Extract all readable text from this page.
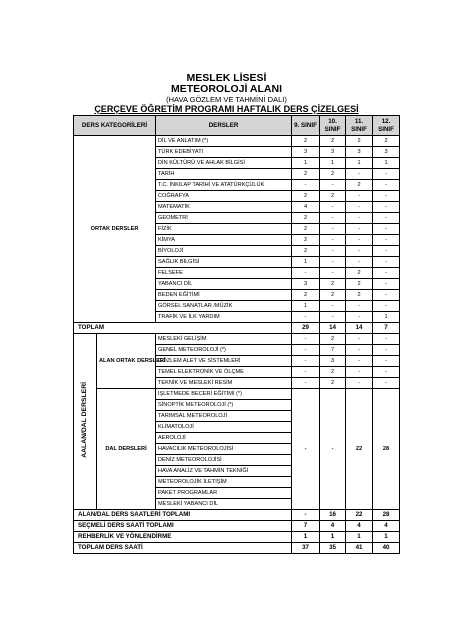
MESLEK LİSESİ
METEOROLOJİ ALANI
(HAVA GÖZLEM VE TAHMİNİ DALI)
ÇERÇEVE ÖĞRETİM PROGRAMI HAFTALIK DERS ÇİZELGESİ
DERS KATEGORİLERİ		DERSLER	9. SINIF	10. SINIF	11. SINIF	12. SINIF
ORTAK DERSLER		DİL VE ANLATIM (*)	2	2	2	2
		TÜRK EDEBİYATI	3	3	3	3
		DİN KÜLTÜRÜ VE AHLAK BİLGİSİ	1	1	1	1
		TARİH	2	2	-	-
		T.C. İNKILAP TARİHİ VE ATATÜRKÇÜLÜK	-	-	2	-
		COĞRAFYA	2	2	-	-
		MATEMATİK	4	-	-	-
		GEOMETRİ	2	-	-	-
		FİZİK	2	-	-	-
		KİMYA	2	-	-	-
		BİYOLOJİ	2	-	-	-
		SAĞLIK BİLGİSİ	1	-	-	-
		FELSEFE	-	-	2	-
		YABANCI DİL	3	2	2	-
		BEDEN EĞİTİMİ	2	2	2	-
		GÖRSEL SANATLAR /MÜZİK	1	-	-	-
		TRAFİK VE İLK YARDIM	-	-	-	1
TOPLAM			29	14	14	7
AALAN/DAL DERSLERİ	ALAN ORTAK DERSLERİ	MESLEKİ GELİŞİM	-	2	-	-
		GENEL METEOROLOJİ (*)	-	7	-	-
		GÖZLEM ALET VE SİSTEMLERİ	-	3	-	-
		TEMEL ELEKTRONİK VE ÖLÇME	-	2	-	-
		TEKNİK VE MESLEKİ RESİM	-	2	-	-
	DAL DERSLERİ	İŞLETMEDE BECERİ EĞİTİMİ (*)	-	-	22	28
		SİNOPTİK METEOROLOJİ (*)				
		TARIMSAL METEOROLOJİ				
		KLİMATOLOJİ				
		AEROLOJİ				
		HAVACILIK METEOROLOJİSİ				
		DENİZ METEOROLOJİSİ				
		HAVA ANALİZ VE TAHMİN TEKNİĞİ				
		METEOROLOJİK İLETİŞİM				
		PAKET PROGRAMLAR				
		MESLEKİ YABANCI DİL				
ALAN/DAL DERS SAATLERİ TOPLAMI			-	16	22	28
SEÇMELİ DERS SAATİ TOPLAMI			7	4	4	4
REHBERLİK VE YÖNLENDİRME			1	1	1	1
TOPLAM DERS SAATİ			37	35	41	40
